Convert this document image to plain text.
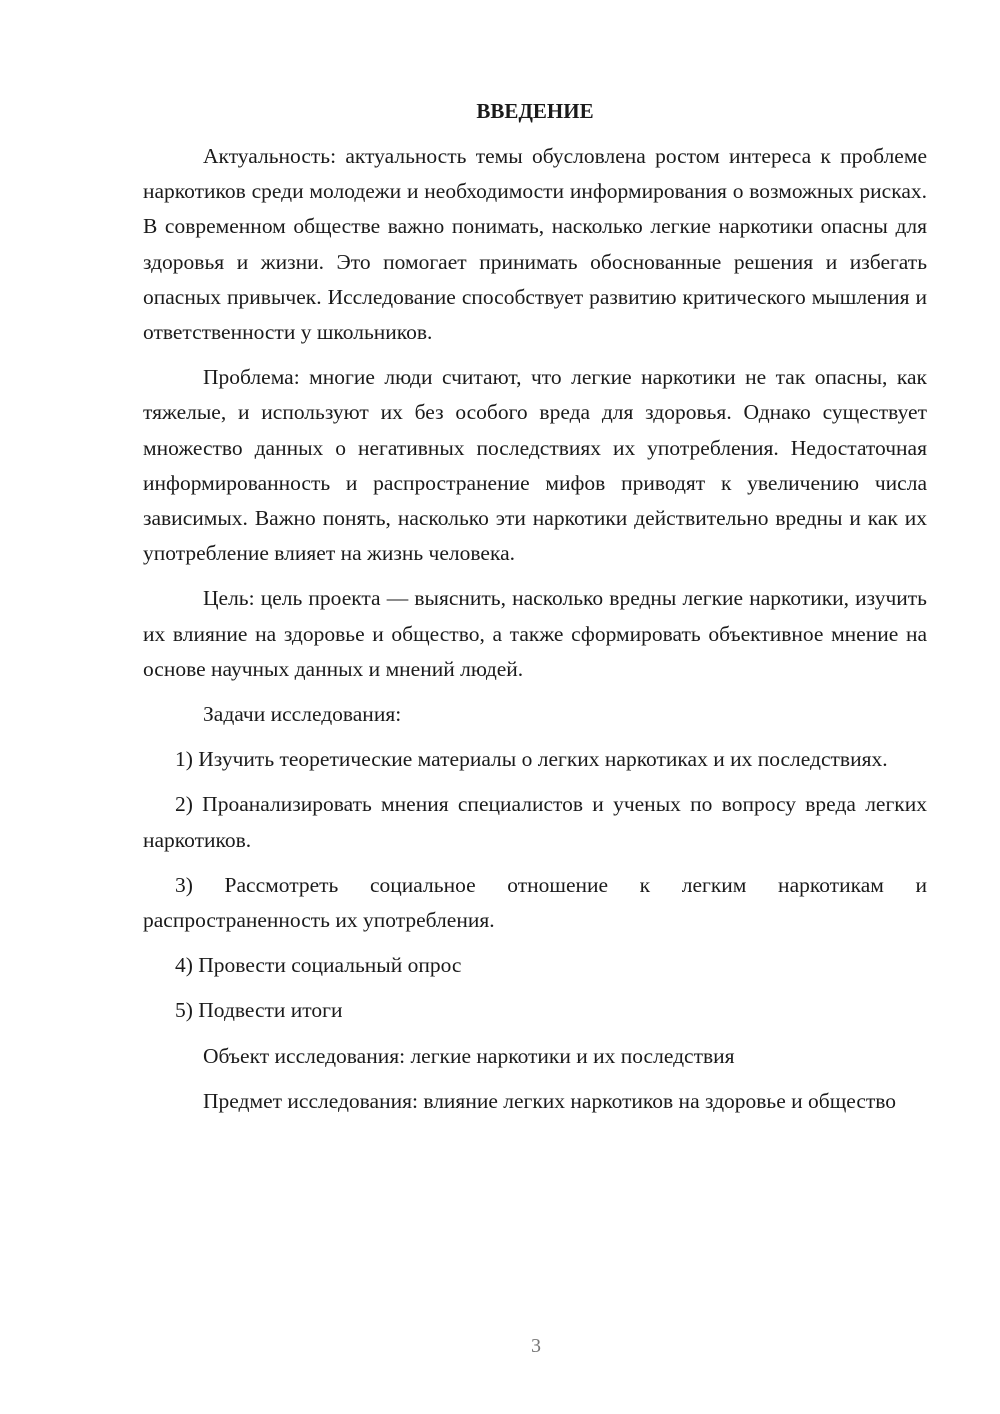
ВВЕДЕНИЕ

Актуальность: актуальность темы обусловлена ростом интереса к проблеме наркотиков среди молодежи и необходимости информирования о возможных рисках. В современном обществе важно понимать, насколько легкие наркотики опасны для здоровья и жизни. Это помогает принимать обоснованные решения и избегать опасных привычек. Исследование способствует развитию критического мышления и ответственности у школьников.

Проблема: многие люди считают, что легкие наркотики не так опасны, как тяжелые, и используют их без особого вреда для здоровья. Однако существует множество данных о негативных последствиях их употребления. Недостаточная информированность и распространение мифов приводят к увеличению числа зависимых. Важно понять, насколько эти наркотики действительно вредны и как их употребление влияет на жизнь человека.

Цель: цель проекта — выяснить, насколько вредны легкие наркотики, изучить их влияние на здоровье и общество, а также сформировать объективное мнение на основе научных данных и мнений людей.

Задачи исследования:

1) Изучить теоретические материалы о легких наркотиках и их последствиях.

2) Проанализировать мнения специалистов и ученых по вопросу вреда легких наркотиков.

3) Рассмотреть социальное отношение к легким наркотикам и распространенность их употребления.

4) Провести социальный опрос

5) Подвести итоги

Объект исследования: легкие наркотики и их последствия

Предмет исследования: влияние легких наркотиков на здоровье и общество

3
